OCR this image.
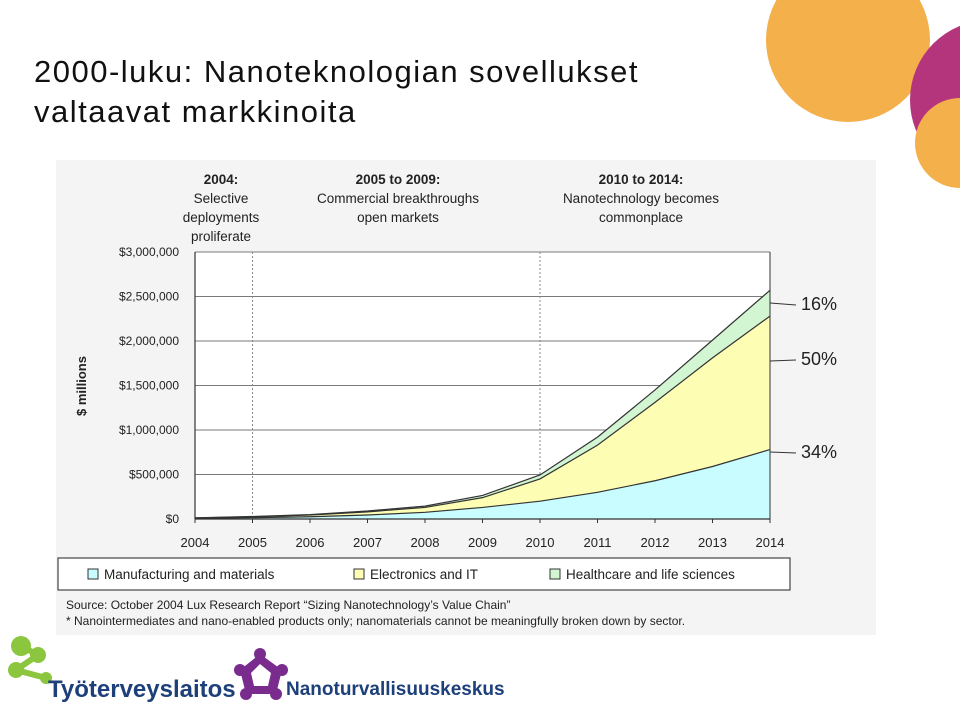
2000-luku: Nanoteknologian sovellukset
valtaavat markkinoita
$0
$500,000
$1,000,000
$1,500,000
$2,000,000
$2,500,000
$3,000,000
2004 2005 2006 2007 2008 2009 2010 2011 2012 2013 2014
$ millions
2004:
Selective
deployments
proliferate
2005 to 2009:
Commercial breakthroughs
open markets
2010 to 2014:
Nanotechnology becomes
commonplace
16%
50%
34%
Manufacturing and materials	Electronics and IT	Healthcare and life sciences
Source: October 2004 Lux Research Report “Sizing Nanotechnology’s Value Chain”
* Nanointermediates and nano-enabled products only; nanomaterials cannot be meaningfully broken down by sector.
Työterveyslaitos	Nanoturvallisuuskeskus
